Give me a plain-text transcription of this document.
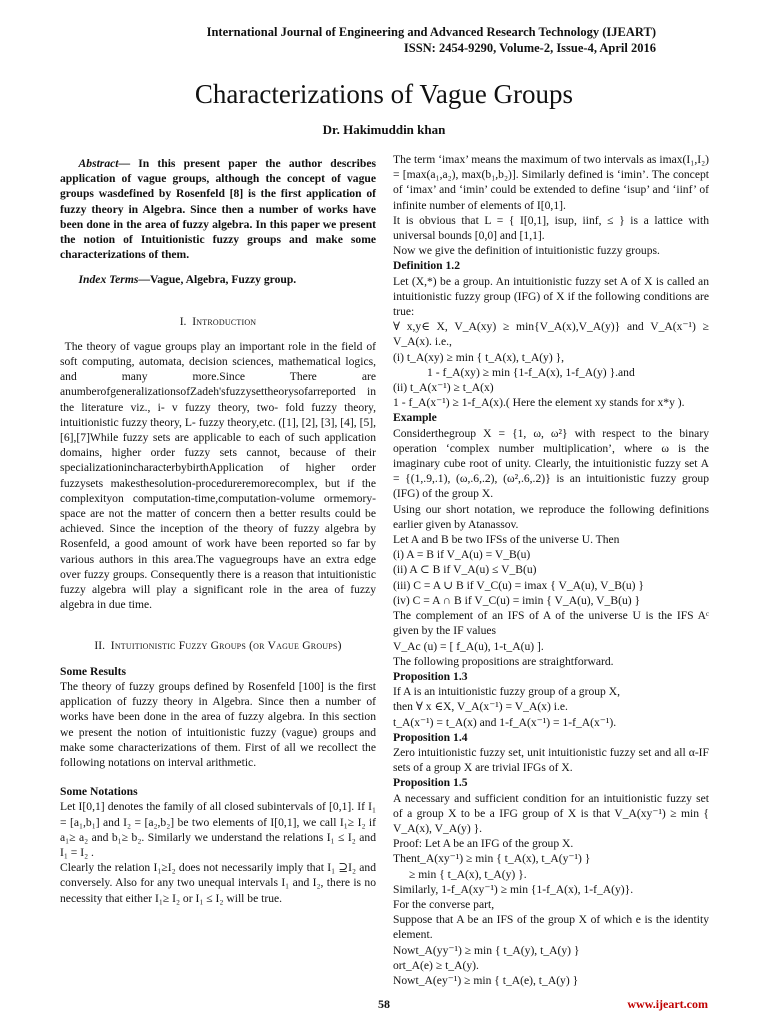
International Journal of Engineering and Advanced Research Technology (IJEART)
ISSN: 2454-9290, Volume-2, Issue-4, April 2016
Characterizations of Vague Groups
Dr. Hakimuddin khan

Abstract— In this present paper the author describes application of vague groups, although the concept of vague groups wasdefined by Rosenfeld [8] is the first application of fuzzy theory in Algebra. Since then a number of works have been done in the area of fuzzy algebra. In this paper we present the notion of Intuitionistic fuzzy groups and make some characterizations of them.

Index Terms—Vague, Algebra, Fuzzy group.

I. Introduction

The theory of vague groups play an important role in the field of soft computing, automata, decision sciences, mathematical logics, and many more.Since There are anumberofgeneralizationsofZadeh'sfuzzysettheorysofarreported in the literature viz., i- v fuzzy theory, two- fold fuzzy theory, intuitionistic fuzzy theory, L- fuzzy theory,etc. ([1], [2], [3], [4], [5], [6],[7]While fuzzy sets are applicable to each of such application domains, higher order fuzzy sets cannot, because of their specializationincharacterbybirthApplication of higher order fuzzysets makesthesolution-procedureremorecomplex, but if the complexityon computation-time,computation-volume ormemory-space are not the matter of concern then a better results could be achieved. Since the inception of the theory of fuzzy algebra by Rosenfeld, a good amount of work have been reported so far by various authors in this area.The vaguegroups have an extra edge over fuzzy groups. Consequently there is a reason that intuitionistic fuzzy algebra will play a significant role in the area of fuzzy algebra in due time.

II. Intuitionistic Fuzzy Groups (or Vague Groups)

Some Results

The theory of fuzzy groups defined by Rosenfeld [100] is the first application of fuzzy theory in Algebra. Since then a number of works have been done in the area of fuzzy algebra. In this section we present the notion of intuitionistic fuzzy (vague) groups and make some characterizations of them. First of all we recollect the following notations on interval arithmetic.

Some Notations

Let I[0,1] denotes the family of all closed subintervals of [0,1]. If I₁ = [a₁,b₁] and I₂ = [a₂,b₂] be two elements of I[0,1], we call I₁≥ I₂ if a₁≥ a₂ and b₁≥ b₂. Similarly we understand the relations I₁ ≤ I₂ and I₁ = I₂ .

Clearly the relation I₁≥I₂ does not necessarily imply that I₁ ⊇I₂ and conversely. Also for any two unequal intervals I₁ and I₂, there is no necessity that either I₁≥ I₂ or I₁ ≤ I₂ will be true.

The term ‘imax’ means the maximum of two intervals as imax(I₁,I₂) = [max(a₁,a₂), max(b₁,b₂)]. Similarly defined is ‘imin’. The concept of ‘imax’ and ‘imin’ could be extended to define ‘isup’ and ‘iinf’ of infinite number of elements of I[0,1].

It is obvious that L = { I[0,1], isup, iinf, ≤ } is a lattice with universal bounds [0,0] and [1,1].

Now we give the definition of intuitionistic fuzzy groups.

Definition 1.2

Let (X,*) be a group. An intuitionistic fuzzy set A of X is called an intuitionistic fuzzy group (IFG) of X if the following conditions are true:

∀ x,y∈ X, V_A(xy) ≥ min{V_A(x),V_A(y)} and V_A(x⁻¹) ≥ V_A(x). i.e.,

(i) t_A(xy) ≥ min { t_A(x), t_A(y) },

1 - f_A(xy) ≥ min {1-f_A(x), 1-f_A(y) }.and

(ii) t_A(x⁻¹) ≥ t_A(x)

1 - f_A(x⁻¹) ≥ 1-f_A(x).( Here the element xy stands for x*y ).

Example

Considerthegroup X = {1, ω, ω²} with respect to the binary operation ‘complex number multiplication’, where ω is the imaginary cube root of unity. Clearly, the intuitionistic fuzzy set A = {(1,.9,.1), (ω,.6,.2), (ω²,.6,.2)} is an intuitionistic fuzzy group (IFG) of the group X.

Using our short notation, we reproduce the following definitions earlier given by Atanassov.

Let A and B be two IFSs of the universe U. Then

(i) A = B if V_A(u) = V_B(u)

(ii) A ⊂ B if V_A(u) ≤ V_B(u)

(iii) C = A ∪ B if V_C(u) = imax { V_A(u), V_B(u) }

(iv) C = A ∩ B if V_C(u) = imin { V_A(u), V_B(u) }

The complement of an IFS of A of the universe U is the IFS Aᶜ given by the IF values

V_Ac (u) = [ f_A(u), 1-t_A(u) ].

The following propositions are straightforward.

Proposition 1.3

If A is an intuitionistic fuzzy group of a group X,

then ∀ x ∈X, V_A(x⁻¹) = V_A(x) i.e.

t_A(x⁻¹) = t_A(x) and 1-f_A(x⁻¹) = 1-f_A(x⁻¹).

Proposition 1.4

Zero intuitionistic fuzzy set, unit intuitionistic fuzzy set and all α-IF sets of a group X are trivial IFGs of X.

Proposition 1.5

A necessary and sufficient condition for an intuitionistic fuzzy set of a group X to be a IFG group of X is that V_A(xy⁻¹) ≥ min { V_A(x), V_A(y) }.

Proof: Let A be an IFG of the group X.

Thent_A(xy⁻¹) ≥ min { t_A(x), t_A(y⁻¹) }

≥ min { t_A(x), t_A(y) }.

Similarly, 1-f_A(xy⁻¹) ≥ min {1-f_A(x), 1-f_A(y)}.

For the converse part,

Suppose that A be an IFS of the group X of which e is the identity element.

Nowt_A(yy⁻¹) ≥ min { t_A(y), t_A(y) }

ort_A(e) ≥ t_A(y).

Nowt_A(ey⁻¹) ≥ min { t_A(e), t_A(y) }

58	www.ijeart.com
